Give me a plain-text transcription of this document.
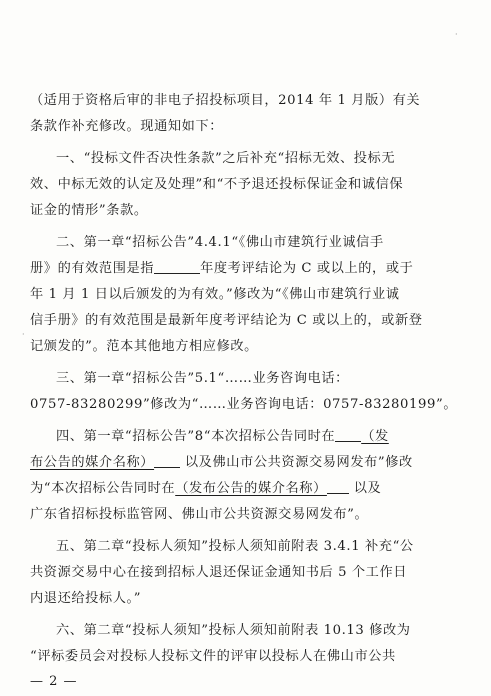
·
·
（适用于资格后审的非电子招投标项目，2014 年 1 月版）有关
条款作补充修改。现通知如下：
一、“投标文件否决性条款”之后补充“招标无效、投标无
效、中标无效的认定及处理”和“不予退还投标保证金和诚信保
证金的情形”条款。
二、第一章“招标公告”4.4.1“《佛山市建筑行业诚信手
册》的有效范围是指	年度考评结论为 C 或以上的，或于
年 1 月 1 日以后颁发的为有效。”修改为“《佛山市建筑行业诚
信手册》的有效范围是最新年度考评结论为 C 或以上的，或新登
记颁发的”。范本其他地方相应修改。
三、第一章“招标公告”5.1“……业务咨询电话：
0757-83280299”修改为“……业务咨询电话：0757-83280199”。
四、第一章“招标公告”8“本次招标公告同时在 （发
布公告的媒介名称） 以及佛山市公共资源交易网发布”修改
为“本次招标公告同时在（发布公告的媒介名称） 以及
广东省招标投标监管网、佛山市公共资源交易网发布”。
五、第二章“投标人须知”投标人须知前附表 3.4.1 补充“公
共资源交易中心在接到招标人退还保证金通知书后 5 个工作日
内退还给投标人。”
六、第二章“投标人须知”投标人须知前附表 10.13 修改为
“评标委员会对投标人投标文件的评审以投标人在佛山市公共
— 2 —
